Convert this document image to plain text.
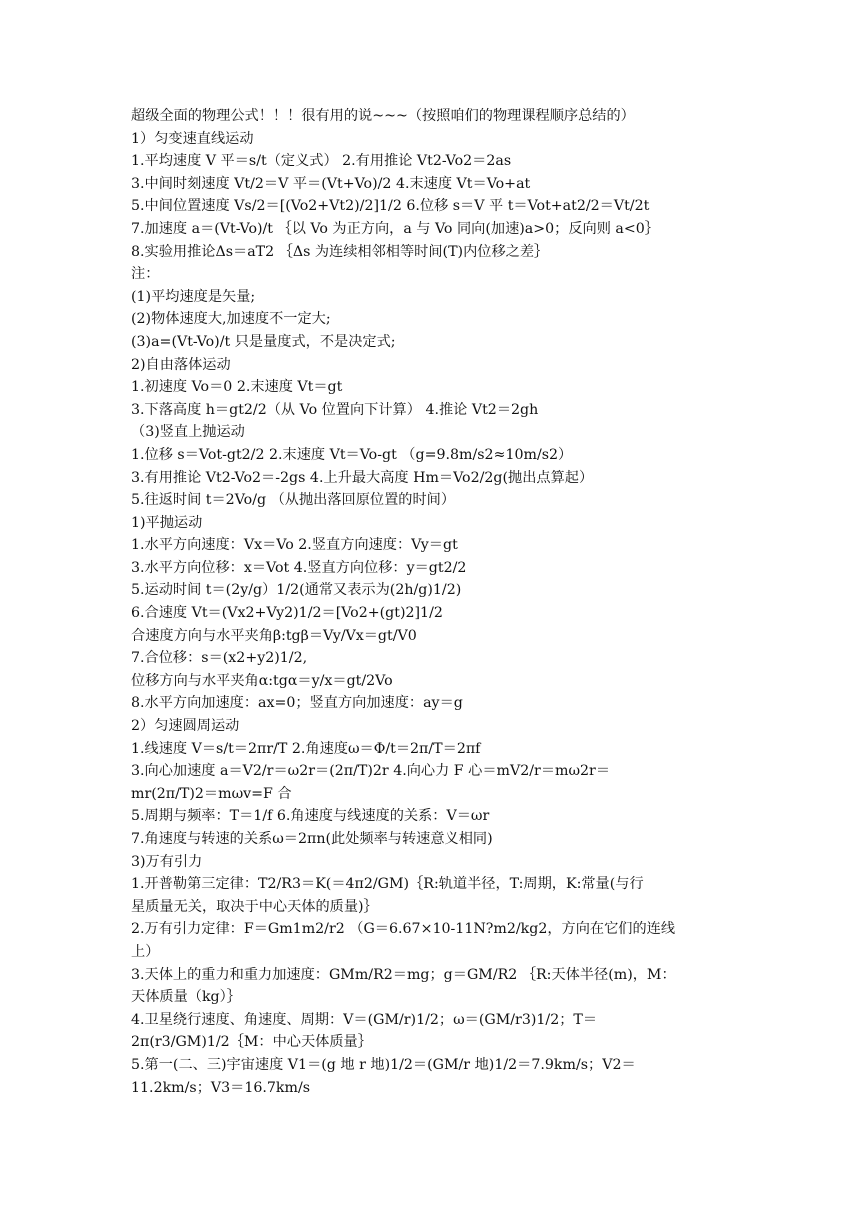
超级全面的物理公式！！！很有用的说~~~（按照咱们的物理课程顺序总结的）
1）匀变速直线运动
1.平均速度 V 平＝s/t（定义式） 2.有用推论 Vt2-Vo2＝2as
3.中间时刻速度 Vt/2＝V 平＝(Vt+Vo)/2 4.末速度 Vt＝Vo+at
5.中间位置速度 Vs/2＝[(Vo2+Vt2)/2]1/2 6.位移 s＝V 平 t＝Vot+at2/2＝Vt/2t
7.加速度 a＝(Vt-Vo)/t ｛以 Vo 为正方向，a 与 Vo 同向(加速)a>0；反向则 a<0｝
8.实验用推论Δs＝aT2 ｛Δs 为连续相邻相等时间(T)内位移之差｝
注：
(1)平均速度是矢量;
(2)物体速度大,加速度不一定大;
(3)a=(Vt-Vo)/t 只是量度式，不是决定式;
2)自由落体运动
1.初速度 Vo＝0 2.末速度 Vt＝gt
3.下落高度 h＝gt2/2（从 Vo 位置向下计算） 4.推论 Vt2＝2gh
（3)竖直上抛运动
1.位移 s＝Vot-gt2/2 2.末速度 Vt＝Vo-gt （g=9.8m/s2≈10m/s2）
3.有用推论 Vt2-Vo2＝-2gs 4.上升最大高度 Hm＝Vo2/2g(抛出点算起）
5.往返时间 t＝2Vo/g （从抛出落回原位置的时间）
1)平抛运动
1.水平方向速度：Vx＝Vo 2.竖直方向速度：Vy＝gt
3.水平方向位移：x＝Vot 4.竖直方向位移：y＝gt2/2
5.运动时间 t＝(2y/g）1/2(通常又表示为(2h/g)1/2)
6.合速度 Vt＝(Vx2+Vy2)1/2＝[Vo2+(gt)2]1/2
合速度方向与水平夹角β:tgβ＝Vy/Vx＝gt/V0
7.合位移：s＝(x2+y2)1/2,
位移方向与水平夹角α:tgα＝y/x＝gt/2Vo
8.水平方向加速度：ax=0；竖直方向加速度：ay＝g
2）匀速圆周运动
1.线速度 V＝s/t＝2πr/T 2.角速度ω＝Φ/t＝2π/T＝2πf
3.向心加速度 a＝V2/r＝ω2r＝(2π/T)2r 4.向心力 F 心＝mV2/r＝mω2r＝
mr(2π/T)2＝mωv=F 合
5.周期与频率：T＝1/f 6.角速度与线速度的关系：V＝ωr
7.角速度与转速的关系ω＝2πn(此处频率与转速意义相同)
3)万有引力
1.开普勒第三定律：T2/R3＝K(＝4π2/GM)｛R:轨道半径，T:周期，K:常量(与行
星质量无关，取决于中心天体的质量)｝
2.万有引力定律：F＝Gm1m2/r2 （G＝6.67×10-11N?m2/kg2，方向在它们的连线
上）
3.天体上的重力和重力加速度：GMm/R2＝mg；g＝GM/R2 ｛R:天体半径(m)，M：
天体质量（kg）｝
4.卫星绕行速度、角速度、周期：V＝(GM/r)1/2；ω＝(GM/r3)1/2；T＝
2π(r3/GM)1/2｛M：中心天体质量｝
5.第一(二、三)宇宙速度 V1＝(g 地 r 地)1/2＝(GM/r 地)1/2＝7.9km/s；V2＝
11.2km/s；V3＝16.7km/s
